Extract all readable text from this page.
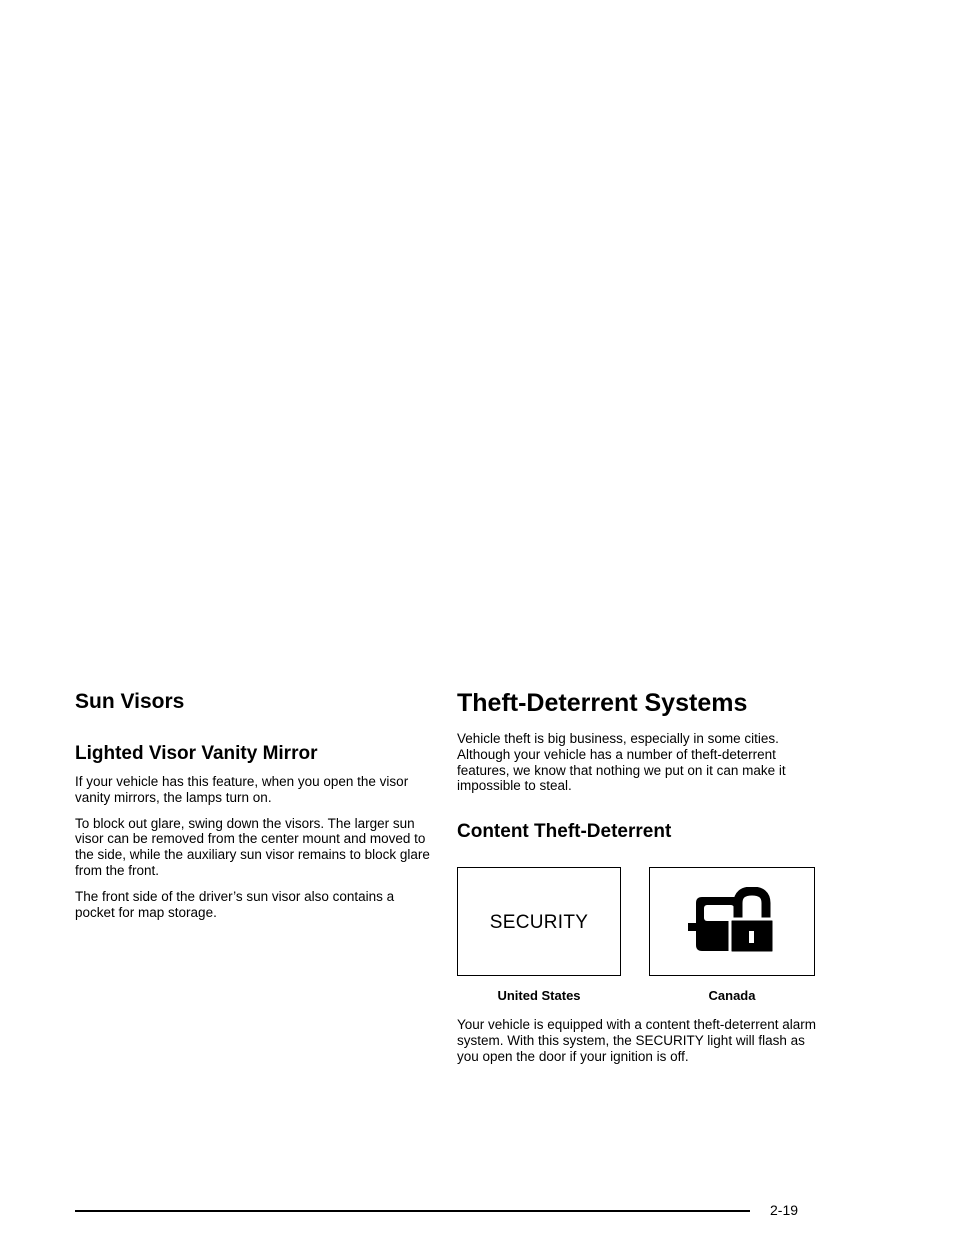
Sun Visors
Lighted Visor Vanity Mirror

If your vehicle has this feature, when you open the visor vanity mirrors, the lamps turn on.

To block out glare, swing down the visors. The larger sun visor can be removed from the center mount and moved to the side, while the auxiliary sun visor remains to block glare from the front.

The front side of the driver’s sun visor also contains a pocket for map storage.

Theft-Deterrent Systems

Vehicle theft is big business, especially in some cities. Although your vehicle has a number of theft-deterrent features, we know that nothing we put on it can make it impossible to steal.

Content Theft-Deterrent
SECURITY
United States	Canada

Your vehicle is equipped with a content theft-deterrent alarm system. With this system, the SECURITY light will flash as you open the door if your ignition is off.

2-19
